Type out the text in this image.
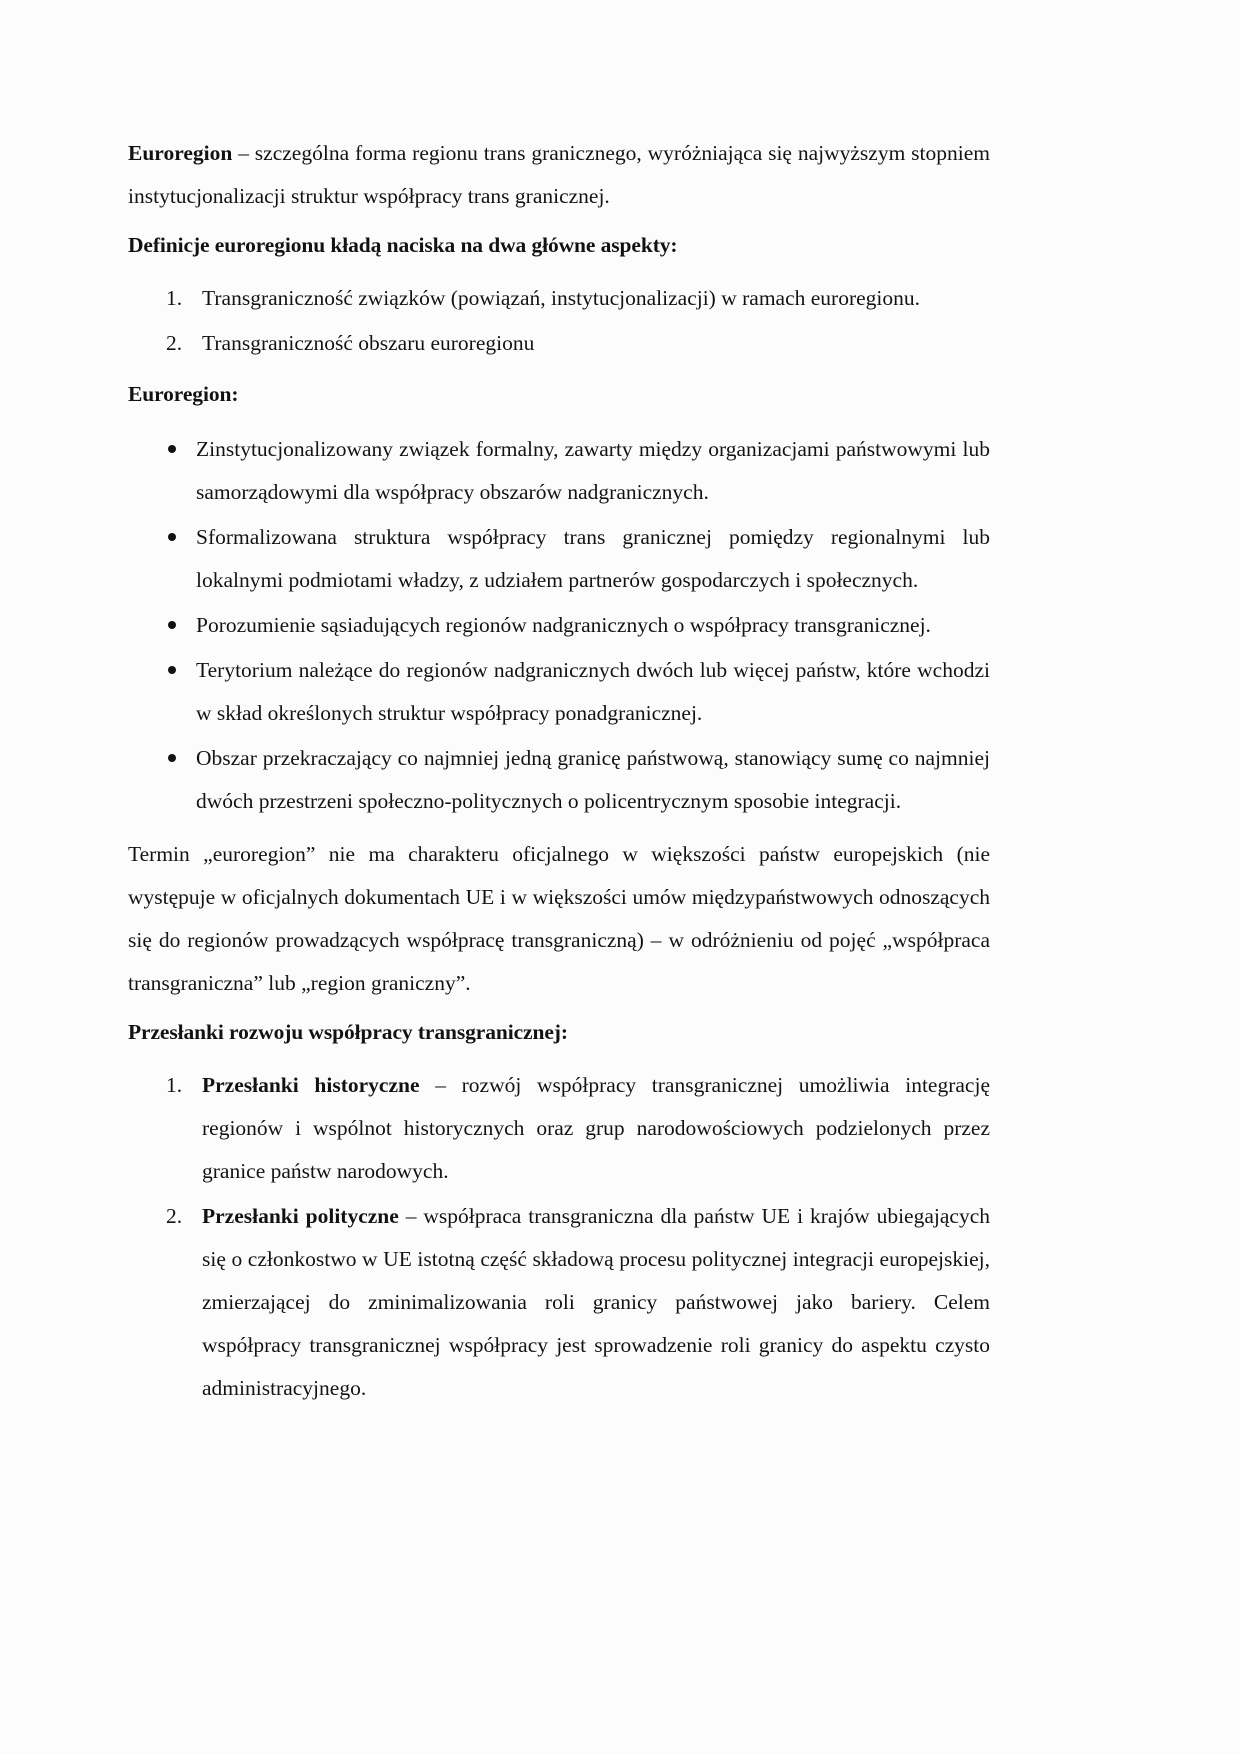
Euroregion – szczególna forma regionu trans granicznego, wyróżniająca się najwyższym stopniem instytucjonalizacji struktur współpracy trans granicznej.

Definicje euroregionu kładą naciska na dwa główne aspekty:

1. Transgraniczność związków (powiązań, instytucjonalizacji) w ramach euroregionu.
2. Transgraniczność obszaru euroregionu

Euroregion:

Zinstytucjonalizowany związek formalny, zawarty między organizacjami państwowymi lub samorządowymi dla współpracy obszarów nadgranicznych.
Sformalizowana struktura współpracy trans granicznej pomiędzy regionalnymi lub lokalnymi podmiotami władzy, z udziałem partnerów gospodarczych i społecznych.
Porozumienie sąsiadujących regionów nadgranicznych o współpracy transgranicznej.
Terytorium należące do regionów nadgranicznych dwóch lub więcej państw, które wchodzi w skład określonych struktur współpracy ponadgranicznej.
Obszar przekraczający co najmniej jedną granicę państwową, stanowiący sumę co najmniej dwóch przestrzeni społeczno-politycznych o policentrycznym sposobie integracji.

Termin „euroregion” nie ma charakteru oficjalnego w większości państw europejskich (nie występuje w oficjalnych dokumentach UE i w większości umów międzypaństwowych odnoszących się do regionów prowadzących współpracę transgraniczną) – w odróżnieniu od pojęć „współpraca transgraniczna” lub „region graniczny”.

Przesłanki rozwoju współpracy transgranicznej:

1. Przesłanki historyczne – rozwój współpracy transgranicznej umożliwia integrację regionów i wspólnot historycznych oraz grup narodowościowych podzielonych przez granice państw narodowych.
2. Przesłanki polityczne – współpraca transgraniczna dla państw UE i krajów ubiegających się o członkostwo w UE istotną część składową procesu politycznej integracji europejskiej, zmierzającej do zminimalizowania roli granicy państwowej jako bariery. Celem współpracy transgranicznej współpracy jest sprowadzenie roli granicy do aspektu czysto administracyjnego.
